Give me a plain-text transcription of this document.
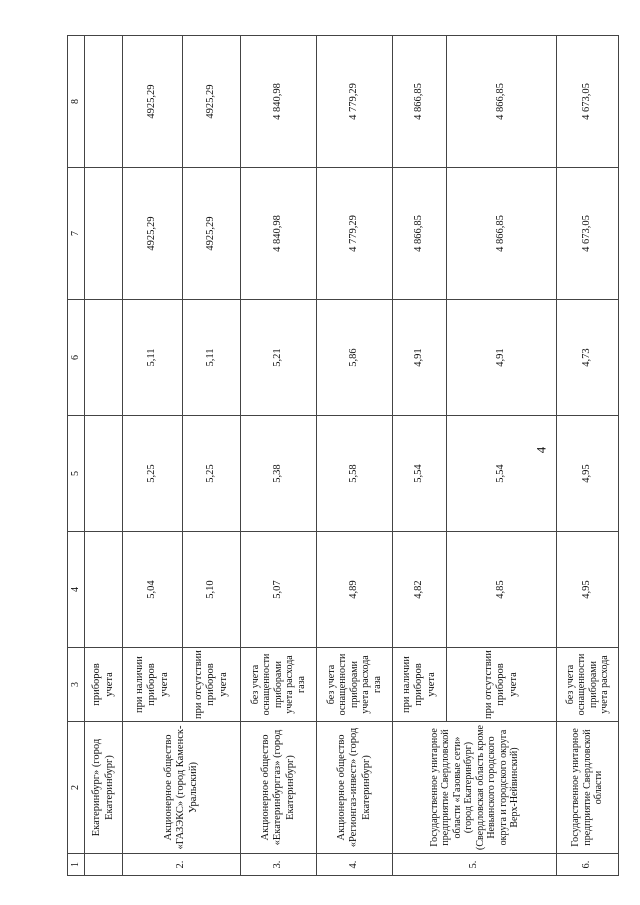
4
1	2	3	4	5	6	7	8
	Екатеринбург» (город Екатеринбург)	приборов учета					
2.	Акционерное общество «ГАЗЭКС» (город Каменск-Уральский)	при наличии приборов учета	5,04	5,25	5,11	4925,29	4925,29
		при отсутствии приборов учета	5,10	5,25	5,11	4925,29	4925,29
3.	Акционерное общество «Екатеринбурггаз» (город Екатеринбург)	без учета оснащенности приборами учета расхода газа	5,07	5,38	5,21	4 840,98	4 840,98
4.	Акционерное общество «Регионгаз-инвест» (город Екатеринбург)	без учета оснащенности приборами учета расхода газа	4,89	5,58	5,86	4 779,29	4 779,29
5.	Государственное унитарное предприятие Свердловской области «Газовые сети» (город Екатеринбург) (Свердловская область кроме Невьянского городского округа и городского округа Верх-Нейвинский)	при наличии приборов учета	4,82	5,54	4,91	4 866,85	4 866,85
		при отсутствии приборов учета	4,85	5,54	4,91	4 866,85	4 866,85
6.	Государственное унитарное предприятие Свердловской области	без учета оснащенности приборами учета расхода	4,95	4,95	4,73	4 673,05	4 673,05
